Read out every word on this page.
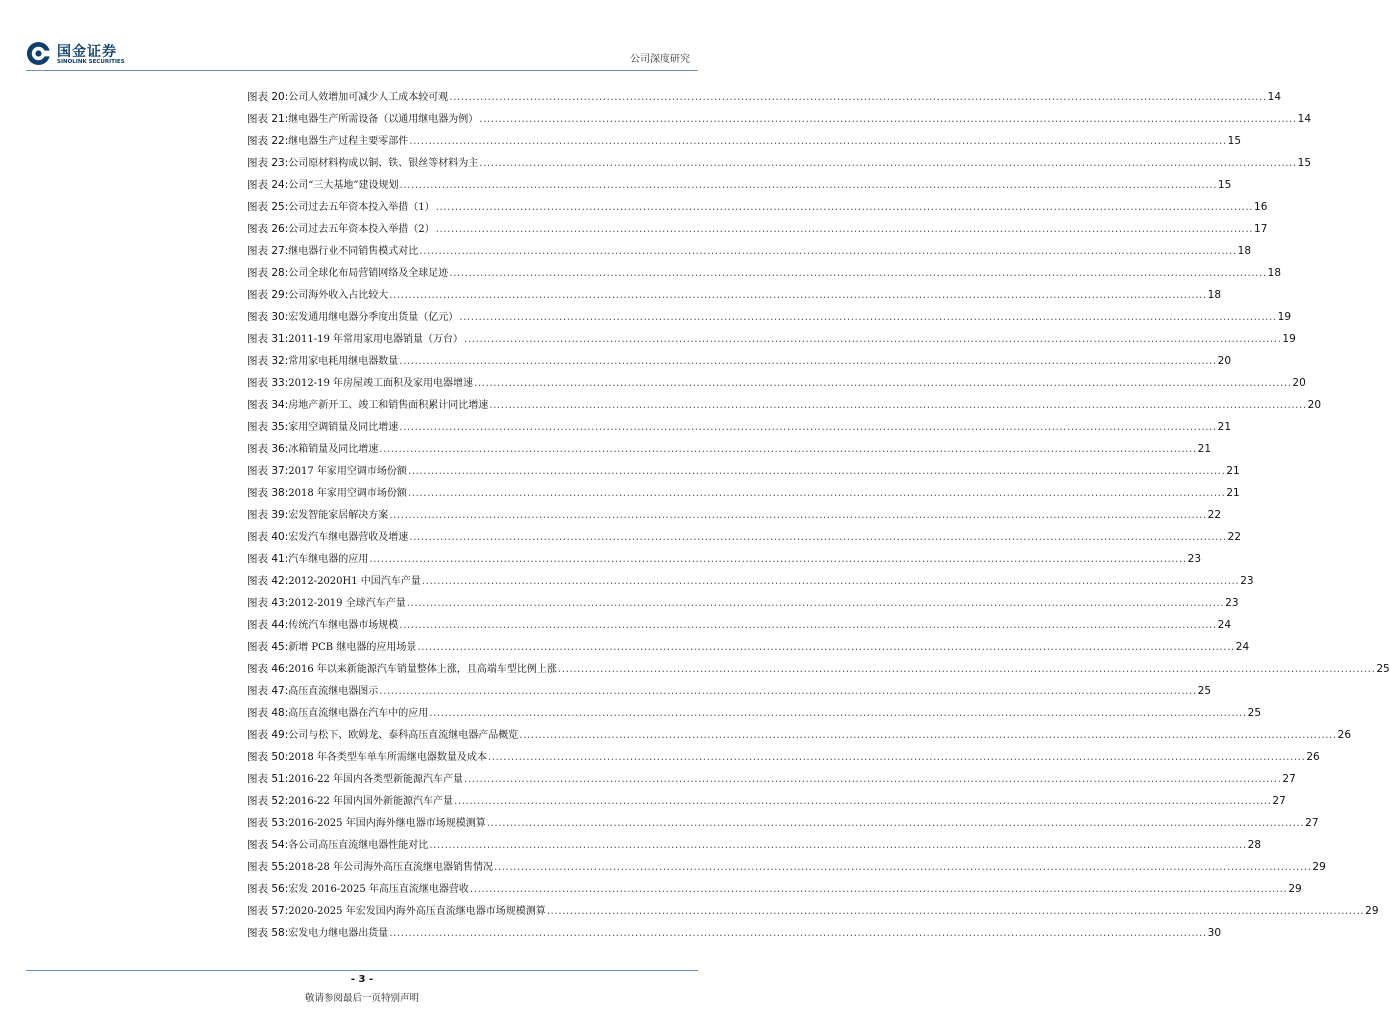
国金证券
SINOLINK SECURITIES	公司深度研究
图表 20: 公司人效增加可减少人工成本较可观 .....	14
图表 21: 继电器生产所需设备（以通用继电器为例） .....	14
图表 22: 继电器生产过程主要零部件 .....	15
图表 23: 公司原材料构成以铜、铁、银丝等材料为主 .....	15
图表 24: 公司“三大基地”建设规划 .....	15
图表 25: 公司过去五年资本投入举措（1） .....	16
图表 26: 公司过去五年资本投入举措（2） .....	17
图表 27: 继电器行业不同销售模式对比 .....	18
图表 28: 公司全球化布局营销网络及全球足迹 .....	18
图表 29: 公司海外收入占比较大 .....	18
图表 30: 宏发通用继电器分季度出货量（亿元） .....	19
图表 31: 2011-19 年常用家用电器销量（万台） .....	19
图表 32: 常用家电耗用继电器数量 .....	20
图表 33: 2012-19 年房屋竣工面积及家用电器增速 .....	20
图表 34: 房地产新开工、竣工和销售面积累计同比增速 .....	20
图表 35: 家用空调销量及同比增速 .....	21
图表 36: 冰箱销量及同比增速 .....	21
图表 37: 2017 年家用空调市场份额 .....	21
图表 38: 2018 年家用空调市场份额 .....	21
图表 39: 宏发智能家居解决方案 .....	22
图表 40: 宏发汽车继电器营收及增速 .....	22
图表 41: 汽车继电器的应用 .....	23
图表 42: 2012-2020H1 中国汽车产量 .....	23
图表 43: 2012-2019 全球汽车产量 .....	23
图表 44: 传统汽车继电器市场规模 .....	24
图表 45: 新增 PCB 继电器的应用场景 .....	24
图表 46: 2016 年以来新能源汽车销量整体上涨，且高端车型比例上涨 .....	25
图表 47: 高压直流继电器图示 .....	25
图表 48: 高压直流继电器在汽车中的应用 .....	25
图表 49: 公司与松下、欧姆龙、泰科高压直流继电器产品概览 .....	26
图表 50: 2018 年各类型车单车所需继电器数量及成本 .....	26
图表 51: 2016-22 年国内各类型新能源汽车产量 .....	27
图表 52: 2016-22 年国内国外新能源汽车产量 .....	27
图表 53: 2016-2025 年国内海外继电器市场规模测算 .....	27
图表 54: 各公司高压直流继电器性能对比 .....	28
图表 55: 2018-28 年公司海外高压直流继电器销售情况 .....	29
图表 56: 宏发 2016-2025 年高压直流继电器营收 .....	29
图表 57: 2020-2025 年宏发国内海外高压直流继电器市场规模测算 .....	29
图表 58: 宏发电力继电器出货量 .....	30
- 3 -
敬请参阅最后一页特别声明
